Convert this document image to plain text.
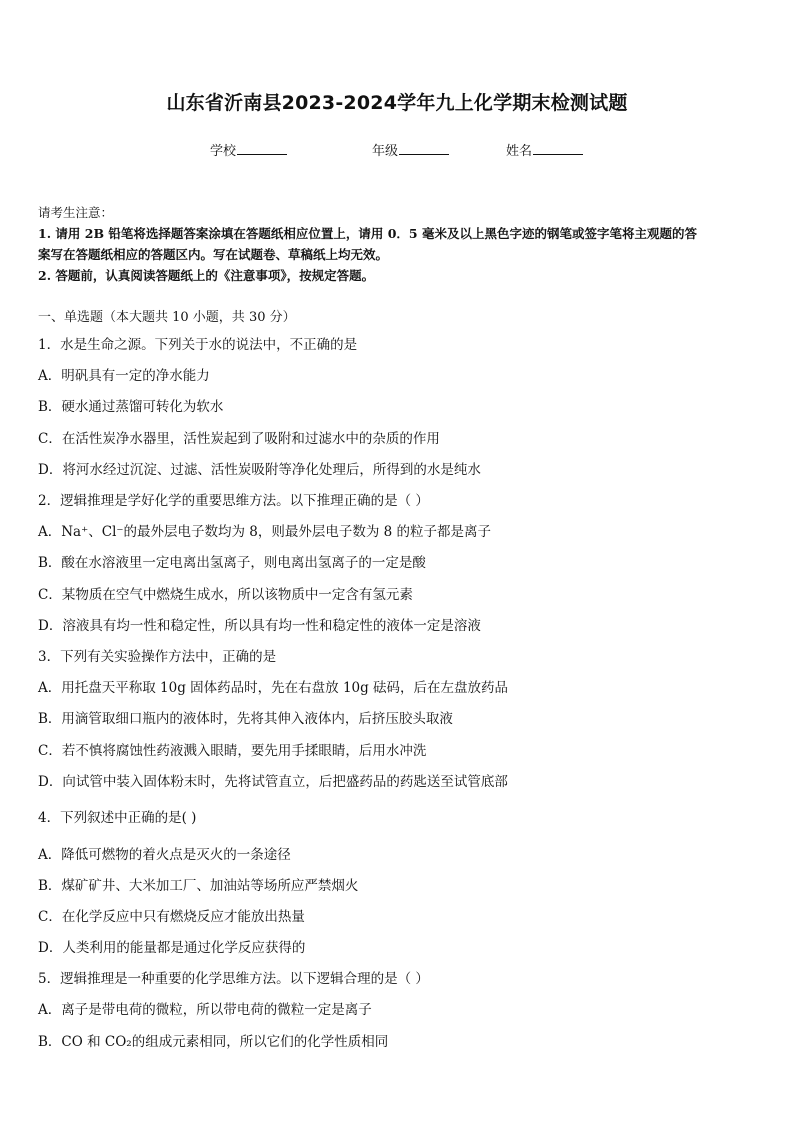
山东省沂南县2023-2024学年九上化学期末检测试题
学校	年级	姓名
请考生注意：
1. 请用 2B 铅笔将选择题答案涂填在答题纸相应位置上，请用 0．5 毫米及以上黑色字迹的钢笔或签字笔将主观题的答
案写在答题纸相应的答题区内。写在试题卷、草稿纸上均无效。
2. 答题前，认真阅读答题纸上的《注意事项》，按规定答题。
一、单选题（本大题共 10 小题，共 30 分）
1．水是生命之源。下列关于水的说法中，不正确的是
A．明矾具有一定的净水能力
B．硬水通过蒸馏可转化为软水
C．在活性炭净水器里，活性炭起到了吸附和过滤水中的杂质的作用
D．将河水经过沉淀、过滤、活性炭吸附等净化处理后，所得到的水是纯水
2．逻辑推理是学好化学的重要思维方法。以下推理正确的是（ ）
A．Na⁺、Cl⁻的最外层电子数均为 8，则最外层电子数为 8 的粒子都是离子
B．酸在水溶液里一定电离出氢离子，则电离出氢离子的一定是酸
C．某物质在空气中燃烧生成水，所以该物质中一定含有氢元素
D．溶液具有均一性和稳定性，所以具有均一性和稳定性的液体一定是溶液
3．下列有关实验操作方法中，正确的是
A．用托盘天平称取 10g 固体药品时，先在右盘放 10g 砝码，后在左盘放药品
B．用滴管取细口瓶内的液体时，先将其伸入液体内，后挤压胶头取液
C．若不慎将腐蚀性药液溅入眼睛，要先用手揉眼睛，后用水冲洗
D．向试管中装入固体粉末时，先将试管直立，后把盛药品的药匙送至试管底部
4．下列叙述中正确的是( )
A．降低可燃物的着火点是灭火的一条途径
B．煤矿矿井、大米加工厂、加油站等场所应严禁烟火
C．在化学反应中只有燃烧反应才能放出热量
D．人类利用的能量都是通过化学反应获得的
5．逻辑推理是一种重要的化学思维方法。以下逻辑合理的是（ ）
A．离子是带电荷的微粒，所以带电荷的微粒一定是离子
B．CO 和 CO₂的组成元素相同，所以它们的化学性质相同
